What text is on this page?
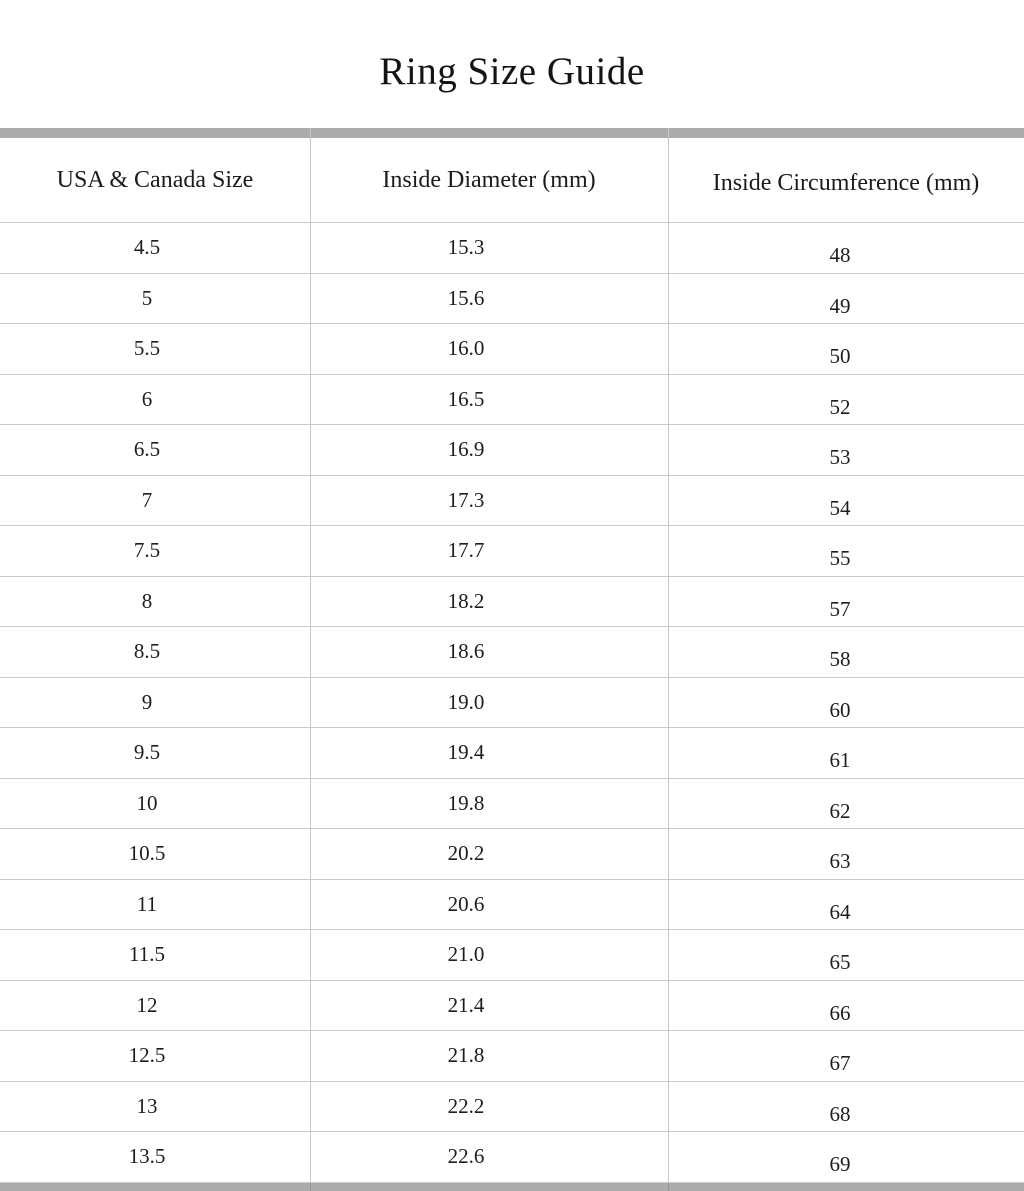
Ring Size Guide
USA & Canada Size	Inside Diameter (mm)	Inside Circumference (mm)
4.5	15.3	48
5	15.6	49
5.5	16.0	50
6	16.5	52
6.5	16.9	53
7	17.3	54
7.5	17.7	55
8	18.2	57
8.5	18.6	58
9	19.0	60
9.5	19.4	61
10	19.8	62
10.5	20.2	63
11	20.6	64
11.5	21.0	65
12	21.4	66
12.5	21.8	67
13	22.2	68
13.5	22.6	69
